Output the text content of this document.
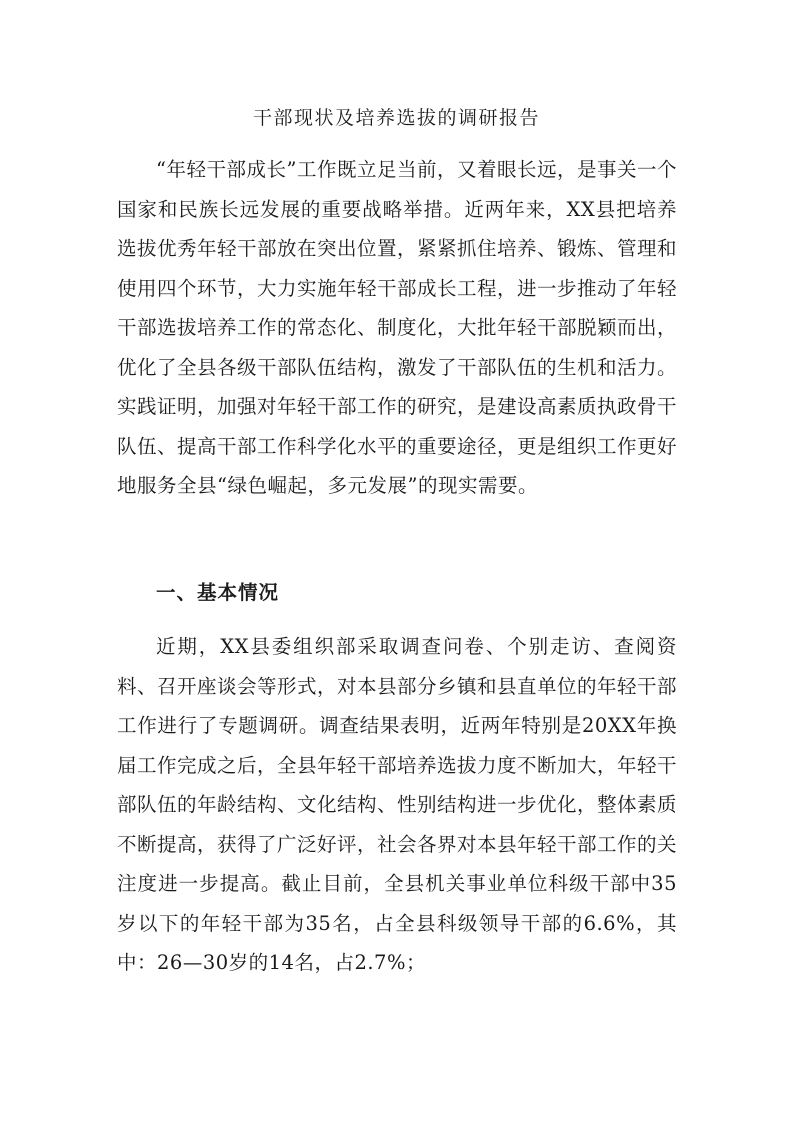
干部现状及培养选拔的调研报告

“年轻干部成长”工作既立足当前，又着眼长远，是事关一个国家和民族长远发展的重要战略举措。近两年来，XX县把培养选拔优秀年轻干部放在突出位置，紧紧抓住培养、锻炼、管理和使用四个环节，大力实施年轻干部成长工程，进一步推动了年轻干部选拔培养工作的常态化、制度化，大批年轻干部脱颖而出，优化了全县各级干部队伍结构，激发了干部队伍的生机和活力。实践证明，加强对年轻干部工作的研究，是建设高素质执政骨干队伍、提高干部工作科学化水平的重要途径，更是组织工作更好地服务全县“绿色崛起，多元发展”的现实需要。

一、基本情况

近期，XX县委组织部采取调查问卷、个别走访、查阅资料、召开座谈会等形式，对本县部分乡镇和县直单位的年轻干部工作进行了专题调研。调查结果表明，近两年特别是20XX年换届工作完成之后，全县年轻干部培养选拔力度不断加大，年轻干部队伍的年龄结构、文化结构、性别结构进一步优化，整体素质不断提高，获得了广泛好评，社会各界对本县年轻干部工作的关注度进一步提高。截止目前，全县机关事业单位科级干部中35岁以下的年轻干部为35名，占全县科级领导干部的6.6%，其中：26—30岁的14名，占2.7%；
